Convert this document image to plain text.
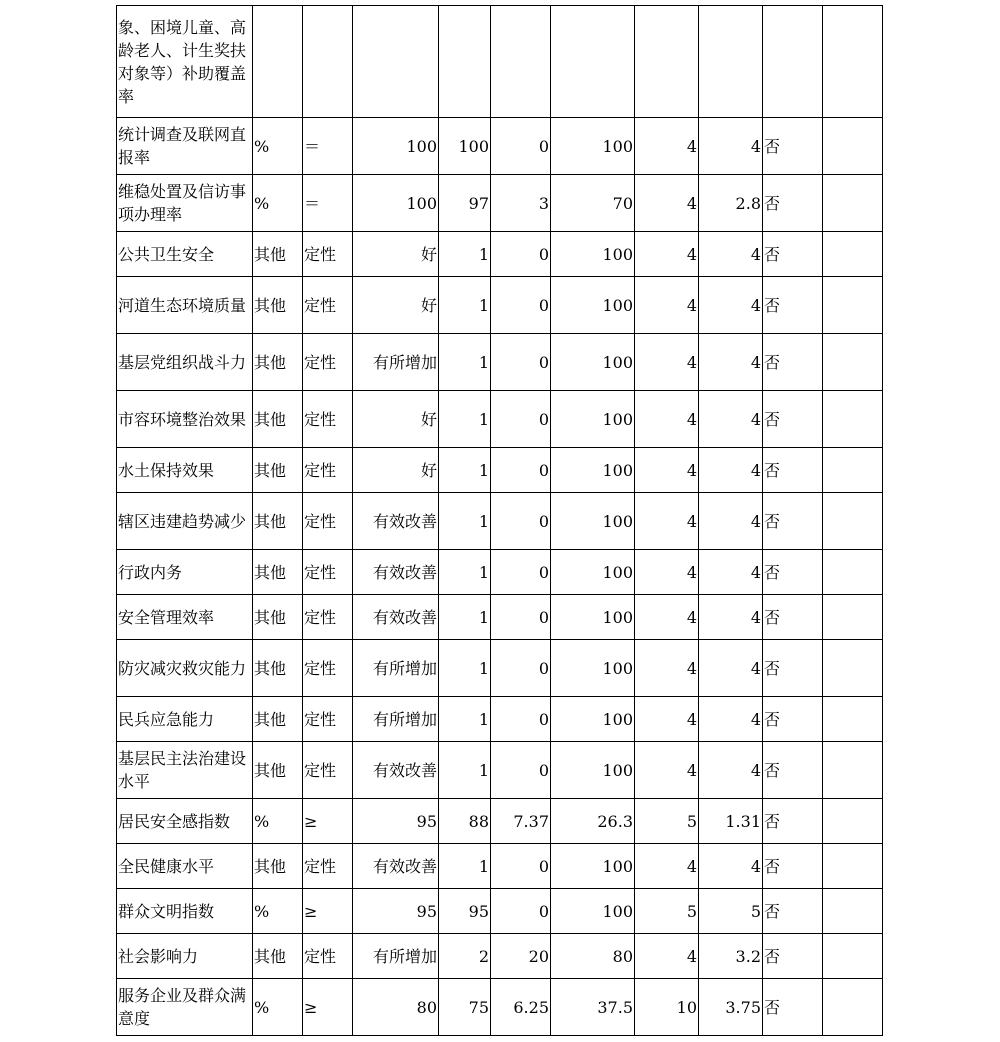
象、困境儿童、高龄老人、计生奖扶对象等）补助覆盖率										
统计调查及联网直报率	%	＝	100	100	0	100	4	4	否	
维稳处置及信访事项办理率	%	＝	100	97	3	70	4	2.8	否	
公共卫生安全	其他	定性	好	1	0	100	4	4	否	
河道生态环境质量	其他	定性	好	1	0	100	4	4	否	
基层党组织战斗力	其他	定性	有所增加	1	0	100	4	4	否	
市容环境整治效果	其他	定性	好	1	0	100	4	4	否	
水土保持效果	其他	定性	好	1	0	100	4	4	否	
辖区违建趋势减少	其他	定性	有效改善	1	0	100	4	4	否	
行政内务	其他	定性	有效改善	1	0	100	4	4	否	
安全管理效率	其他	定性	有效改善	1	0	100	4	4	否	
防灾减灾救灾能力	其他	定性	有所增加	1	0	100	4	4	否	
民兵应急能力	其他	定性	有所增加	1	0	100	4	4	否	
基层民主法治建设水平	其他	定性	有效改善	1	0	100	4	4	否	
居民安全感指数	%	≥	95	88	7.37	26.3	5	1.31	否	
全民健康水平	其他	定性	有效改善	1	0	100	4	4	否	
群众文明指数	%	≥	95	95	0	100	5	5	否	
社会影响力	其他	定性	有所增加	2	20	80	4	3.2	否	
服务企业及群众满意度	%	≥	80	75	6.25	37.5	10	3.75	否	
